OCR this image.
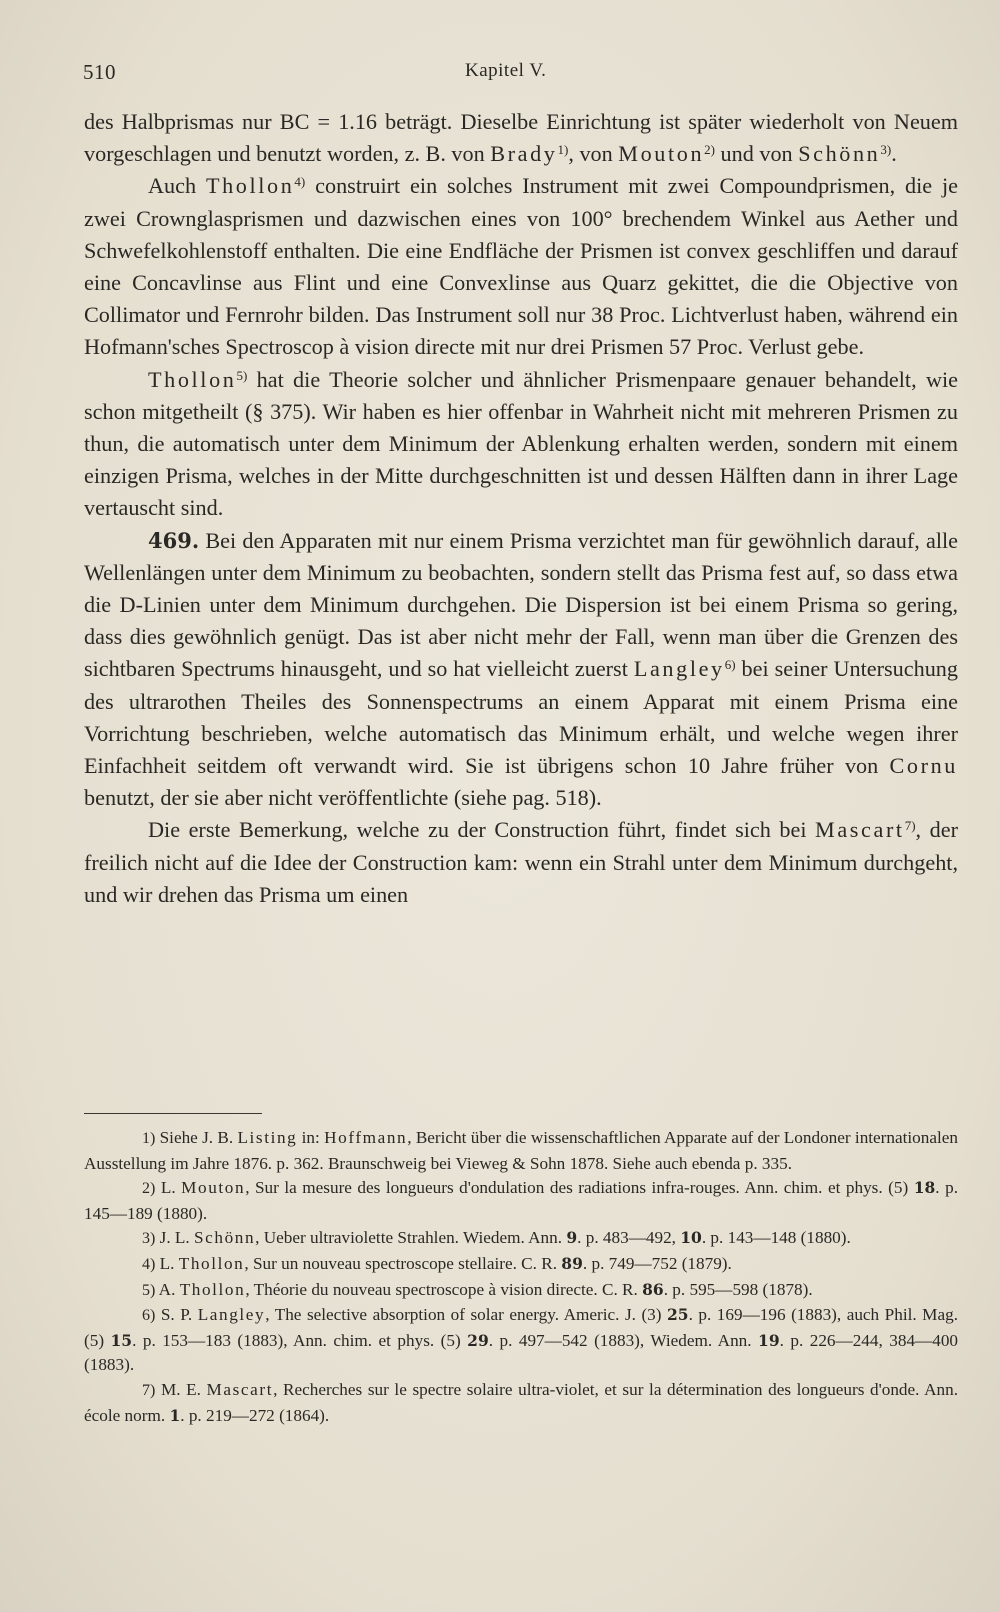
510	Kapitel V.

des Halbprismas nur BC = 1.16 beträgt. Dieselbe Einrichtung ist später wiederholt von Neuem vorgeschlagen und benutzt worden, z. B. von Brady$^{1)}$, von Mouton$^{2)}$ und von Schönn$^{3)}$.

Auch Thollon$^{4)}$ construirt ein solches Instrument mit zwei Compoundprismen, die je zwei Crownglasprismen und dazwischen eines von 100° brechendem Winkel aus Aether und Schwefelkohlenstoff enthalten. Die eine Endfläche der Prismen ist convex geschliffen und darauf eine Concavlinse aus Flint und eine Convexlinse aus Quarz gekittet, die die Objective von Collimator und Fernrohr bilden. Das Instrument soll nur 38 Proc. Lichtverlust haben, während ein Hofmann'sches Spectroscop à vision directe mit nur drei Prismen 57 Proc. Verlust gebe.

Thollon$^{5)}$ hat die Theorie solcher und ähnlicher Prismenpaare genauer behandelt, wie schon mitgetheilt (§ 375). Wir haben es hier offenbar in Wahrheit nicht mit mehreren Prismen zu thun, die automatisch unter dem Minimum der Ablenkung erhalten werden, sondern mit einem einzigen Prisma, welches in der Mitte durchgeschnitten ist und dessen Hälften dann in ihrer Lage vertauscht sind.

469. Bei den Apparaten mit nur einem Prisma verzichtet man für gewöhnlich darauf, alle Wellenlängen unter dem Minimum zu beobachten, sondern stellt das Prisma fest auf, so dass etwa die D-Linien unter dem Minimum durchgehen. Die Dispersion ist bei einem Prisma so gering, dass dies gewöhnlich genügt. Das ist aber nicht mehr der Fall, wenn man über die Grenzen des sichtbaren Spectrums hinausgeht, und so hat vielleicht zuerst Langley$^{6)}$ bei seiner Untersuchung des ultrarothen Theiles des Sonnenspectrums an einem Apparat mit einem Prisma eine Vorrichtung beschrieben, welche automatisch das Minimum erhält, und welche wegen ihrer Einfachheit seitdem oft verwandt wird. Sie ist übrigens schon 10 Jahre früher von Cornu benutzt, der sie aber nicht veröffentlichte (siehe pag. 518).

Die erste Bemerkung, welche zu der Construction führt, findet sich bei Mascart$^{7)}$, der freilich nicht auf die Idee der Construction kam: wenn ein Strahl unter dem Minimum durchgeht, und wir drehen das Prisma um einen

1) Siehe J. B. Listing in: Hoffmann, Bericht über die wissenschaftlichen Apparate auf der Londoner internationalen Ausstellung im Jahre 1876. p. 362. Braunschweig bei Vieweg & Sohn 1878. Siehe auch ebenda p. 335.

2) L. Mouton, Sur la mesure des longueurs d'ondulation des radiations infra-rouges. Ann. chim. et phys. (5) 18. p. 145—189 (1880).

3) J. L. Schönn, Ueber ultraviolette Strahlen. Wiedem. Ann. 9. p. 483—492, 10. p. 143—148 (1880).

4) L. Thollon, Sur un nouveau spectroscope stellaire. C. R. 89. p. 749—752 (1879).

5) A. Thollon, Théorie du nouveau spectroscope à vision directe. C. R. 86. p. 595—598 (1878).

6) S. P. Langley, The selective absorption of solar energy. Americ. J. (3) 25. p. 169—196 (1883), auch Phil. Mag. (5) 15. p. 153—183 (1883), Ann. chim. et phys. (5) 29. p. 497—542 (1883), Wiedem. Ann. 19. p. 226—244, 384—400 (1883).

7) M. E. Mascart, Recherches sur le spectre solaire ultra-violet, et sur la détermination des longueurs d'onde. Ann. école norm. 1. p. 219—272 (1864).
